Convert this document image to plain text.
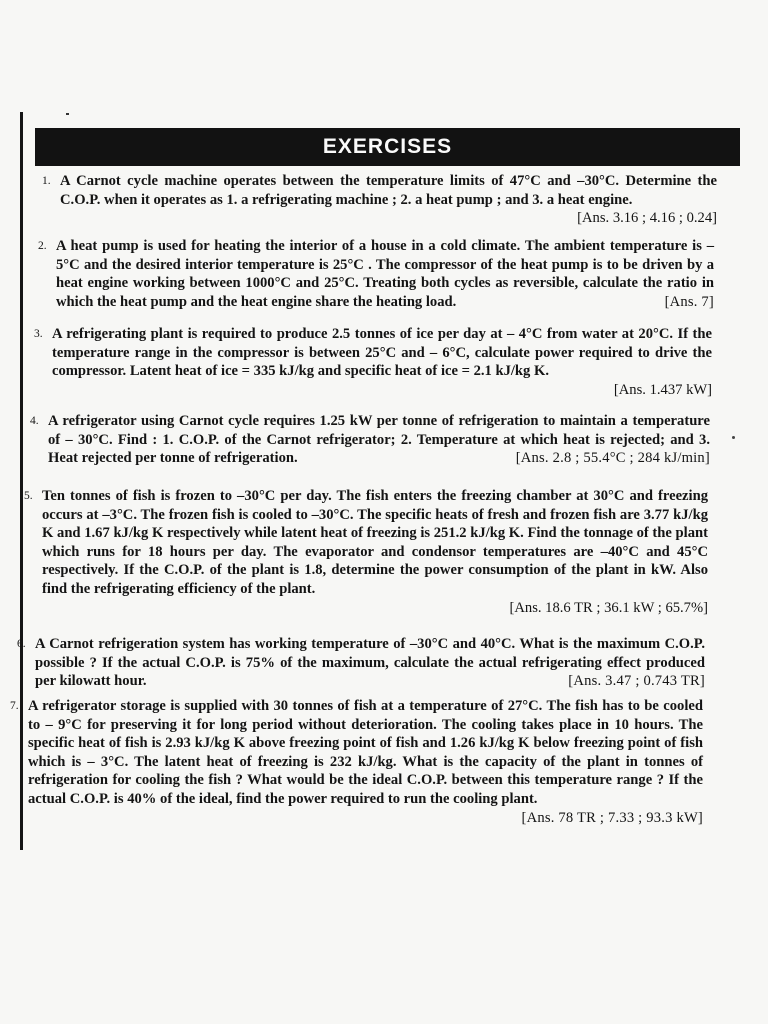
EXERCISES
1. A Carnot cycle machine operates between the temperature limits of 47°C and –30°C. Determine the C.O.P. when it operates as 1. a refrigerating machine ; 2. a heat pump ; and 3. a heat engine.
[Ans. 3.16 ; 4.16 ; 0.24]
2. A heat pump is used for heating the interior of a house in a cold climate. The ambient temperature is –5°C and the desired interior temperature is 25°C . The compressor of the heat pump is to be driven by a heat engine working between 1000°C and 25°C. Treating both cycles as reversible, calculate the ratio in which the heat pump and the heat engine share the heating load.	[Ans. 7]
3. A refrigerating plant is required to produce 2.5 tonnes of ice per day at – 4°C from water at 20°C. If the temperature range in the compressor is between 25°C and – 6°C, calculate power required to drive the compressor. Latent heat of ice = 335 kJ/kg and specific heat of ice = 2.1 kJ/kg K.
[Ans. 1.437 kW]
4. A refrigerator using Carnot cycle requires 1.25 kW per tonne of refrigeration to maintain a temperature of – 30°C. Find : 1. C.O.P. of the Carnot refrigerator; 2. Temperature at which heat is rejected; and 3. Heat rejected per tonne of refrigeration.	[Ans. 2.8 ; 55.4°C ; 284 kJ/min]
5. Ten tonnes of fish is frozen to –30°C per day. The fish enters the freezing chamber at 30°C and freezing occurs at –3°C. The frozen fish is cooled to –30°C. The specific heats of fresh and frozen fish are 3.77 kJ/kg K and 1.67 kJ/kg K respectively while latent heat of freezing is 251.2 kJ/kg K. Find the tonnage of the plant which runs for 18 hours per day. The evaporator and condensor temperatures are –40°C and 45°C respectively. If the C.O.P. of the plant is 1.8, determine the power consumption of the plant in kW. Also find the refrigerating efficiency of the plant.
[Ans. 18.6 TR ; 36.1 kW ; 65.7%]
6. A Carnot refrigeration system has working temperature of –30°C and 40°C. What is the maximum C.O.P. possible ? If the actual C.O.P. is 75% of the maximum, calculate the actual refrigerating effect produced per kilowatt hour.	[Ans. 3.47 ; 0.743 TR]
7. A refrigerator storage is supplied with 30 tonnes of fish at a temperature of 27°C. The fish has to be cooled to – 9°C for preserving it for long period without deterioration. The cooling takes place in 10 hours. The specific heat of fish is 2.93 kJ/kg K above freezing point of fish and 1.26 kJ/kg K below freezing point of fish which is – 3°C. The latent heat of freezing is 232 kJ/kg. What is the capacity of the plant in tonnes of refrigeration for cooling the fish ? What would be the ideal C.O.P. between this temperature range ? If the actual C.O.P. is 40% of the ideal, find the power required to run the cooling plant.
[Ans. 78 TR ; 7.33 ; 93.3 kW]
